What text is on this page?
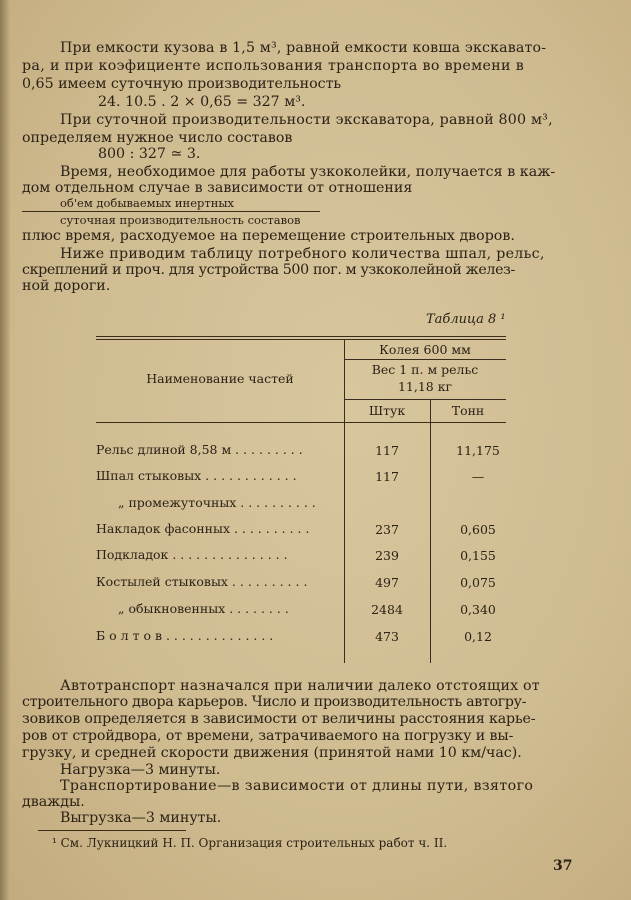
При емкости кузова в 1,5 м³, равной емкости ковша экскавато-
ра, и при коэфициенте использования транспорта во времени в
0,65 имеем суточную производительность
24. 10.5 . 2 × 0,65 = 327 м³.
При суточной производительности экскаватора, равной 800 м³,
определяем нужное число составов
800 : 327 ≃ 3.
Время, необходимое для работы узкоколейки, получается в каж-
дом отдельном случае в зависимости от отношения
об'ем добываемых инертных
суточная производительность составов
плюс время, расходуемое на перемещение строительных дворов.
Ниже приводим таблицу потребного количества шпал, рельс,
скреплений и проч. для устройства 500 пог. м узкоколейной желез-
ной дороги.
Таблица 8 ¹
Наименование частей
Колея 600 мм
Вес 1 п. м рельс
11,18 кг
Штук	Тонн
Рельс длиной 8,58 м . . . . . . . . .	117	11,175
Шпал стыковых . . . . . . . . . . . .	117	—
„ промежуточных . . . . . . . . . .
Накладок фасонных . . . . . . . . . .	237	0,605
Подкладок . . . . . . . . . . . . . . .	239	0,155
Костылей стыковых . . . . . . . . . .	497	0,075
„ обыкновенных . . . . . . . .	2484	0,340
Б о л т о в . . . . . . . . . . . . . .	473	0,12
Автотранспорт назначался при наличии далеко отстоящих от
строительного двора карьеров. Число и производительность автогру-
зовиков определяется в зависимости от величины расстояния карье-
ров от стройдвора, от времени, затрачиваемого на погрузку и вы-
грузку, и средней скорости движения (принятой нами 10 км/час).
Нагрузка—3 минуты.
Транспортирование—в зависимости от длины пути, взятого
дважды.
Выгрузка—3 минуты.
¹ См. Лукницкий Н. П. Организация строительных работ ч. II.
37
